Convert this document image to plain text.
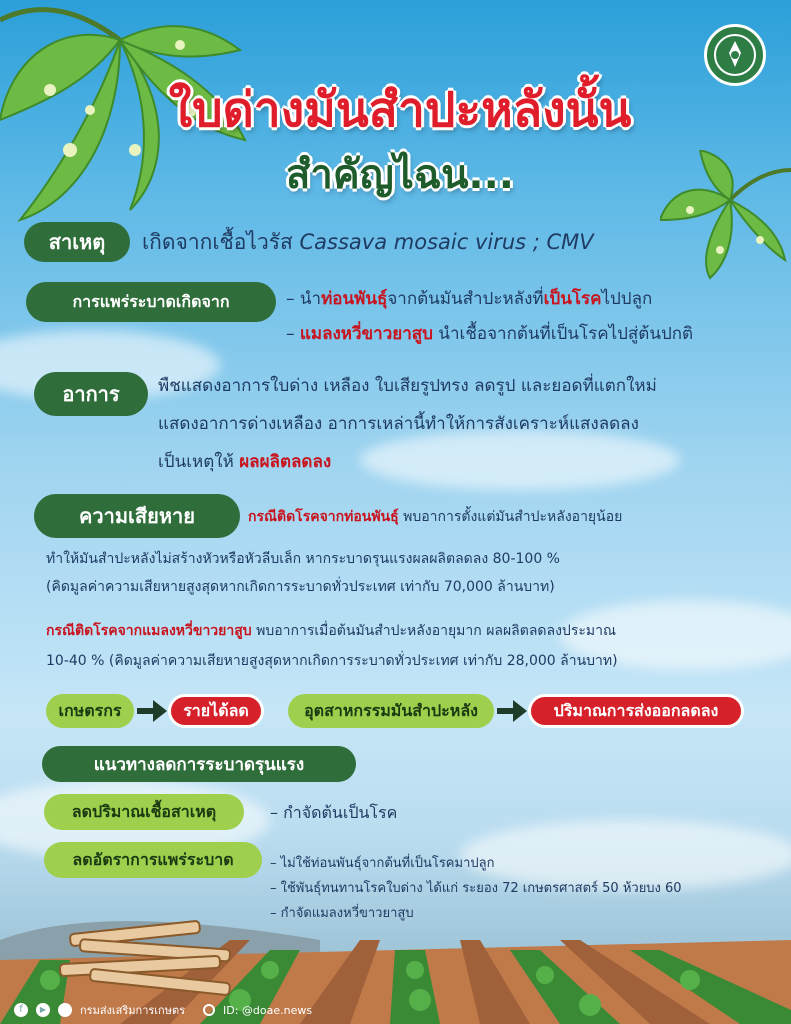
ใบด่างมันสำปะหลังนั้น
สำคัญไฉน...
สาเหตุ	เกิดจากเชื้อไวรัส Cassava mosaic virus ; CMV
การแพร่ระบาดเกิดจาก	– นำท่อนพันธุ์จากต้นมันสำปะหลังที่เป็นโรคไปปลูก
– แมลงหวี่ขาวยาสูบ นำเชื้อจากต้นที่เป็นโรคไปสู่ต้นปกติ
อาการ	พืชแสดงอาการใบด่าง เหลือง ใบเสียรูปทรง ลดรูป และยอดที่แตกใหม่
แสดงอาการด่างเหลือง อาการเหล่านี้ทำให้การสังเคราะห์แสงลดลง
เป็นเหตุให้ ผลผลิตลดลง
ความเสียหาย	กรณีติดโรคจากท่อนพันธุ์ พบอาการตั้งแต่มันสำปะหลังอายุน้อย
ทำให้มันสำปะหลังไม่สร้างหัวหรือหัวลีบเล็ก หากระบาดรุนแรงผลผลิตลดลง 80-100 %
(คิดมูลค่าความเสียหายสูงสุดหากเกิดการระบาดทั่วประเทศ เท่ากับ 70,000 ล้านบาท)
กรณีติดโรคจากแมลงหวี่ขาวยาสูบ พบอาการเมื่อต้นมันสำปะหลังอายุมาก ผลผลิตลดลงประมาณ
10-40 % (คิดมูลค่าความเสียหายสูงสุดหากเกิดการระบาดทั่วประเทศ เท่ากับ 28,000 ล้านบาท)
เกษตรกร	รายได้ลด	อุตสาหกรรมมันสำปะหลัง	ปริมาณการส่งออกลดลง
แนวทางลดการระบาดรุนแรง
ลดปริมาณเชื้อสาเหตุ	– กำจัดต้นเป็นโรค
ลดอัตราการแพร่ระบาด	– ไม่ใช้ท่อนพันธุ์จากต้นที่เป็นโรคมาปลูก
– ใช้พันธุ์ทนทานโรคใบด่าง ได้แก่ ระยอง 72 เกษตรศาสตร์ 50 ห้วยบง 60
– กำจัดแมลงหวี่ขาวยาสูบ
f	▶	กรมส่งเสริมการเกษตร	ID: @doae.news
